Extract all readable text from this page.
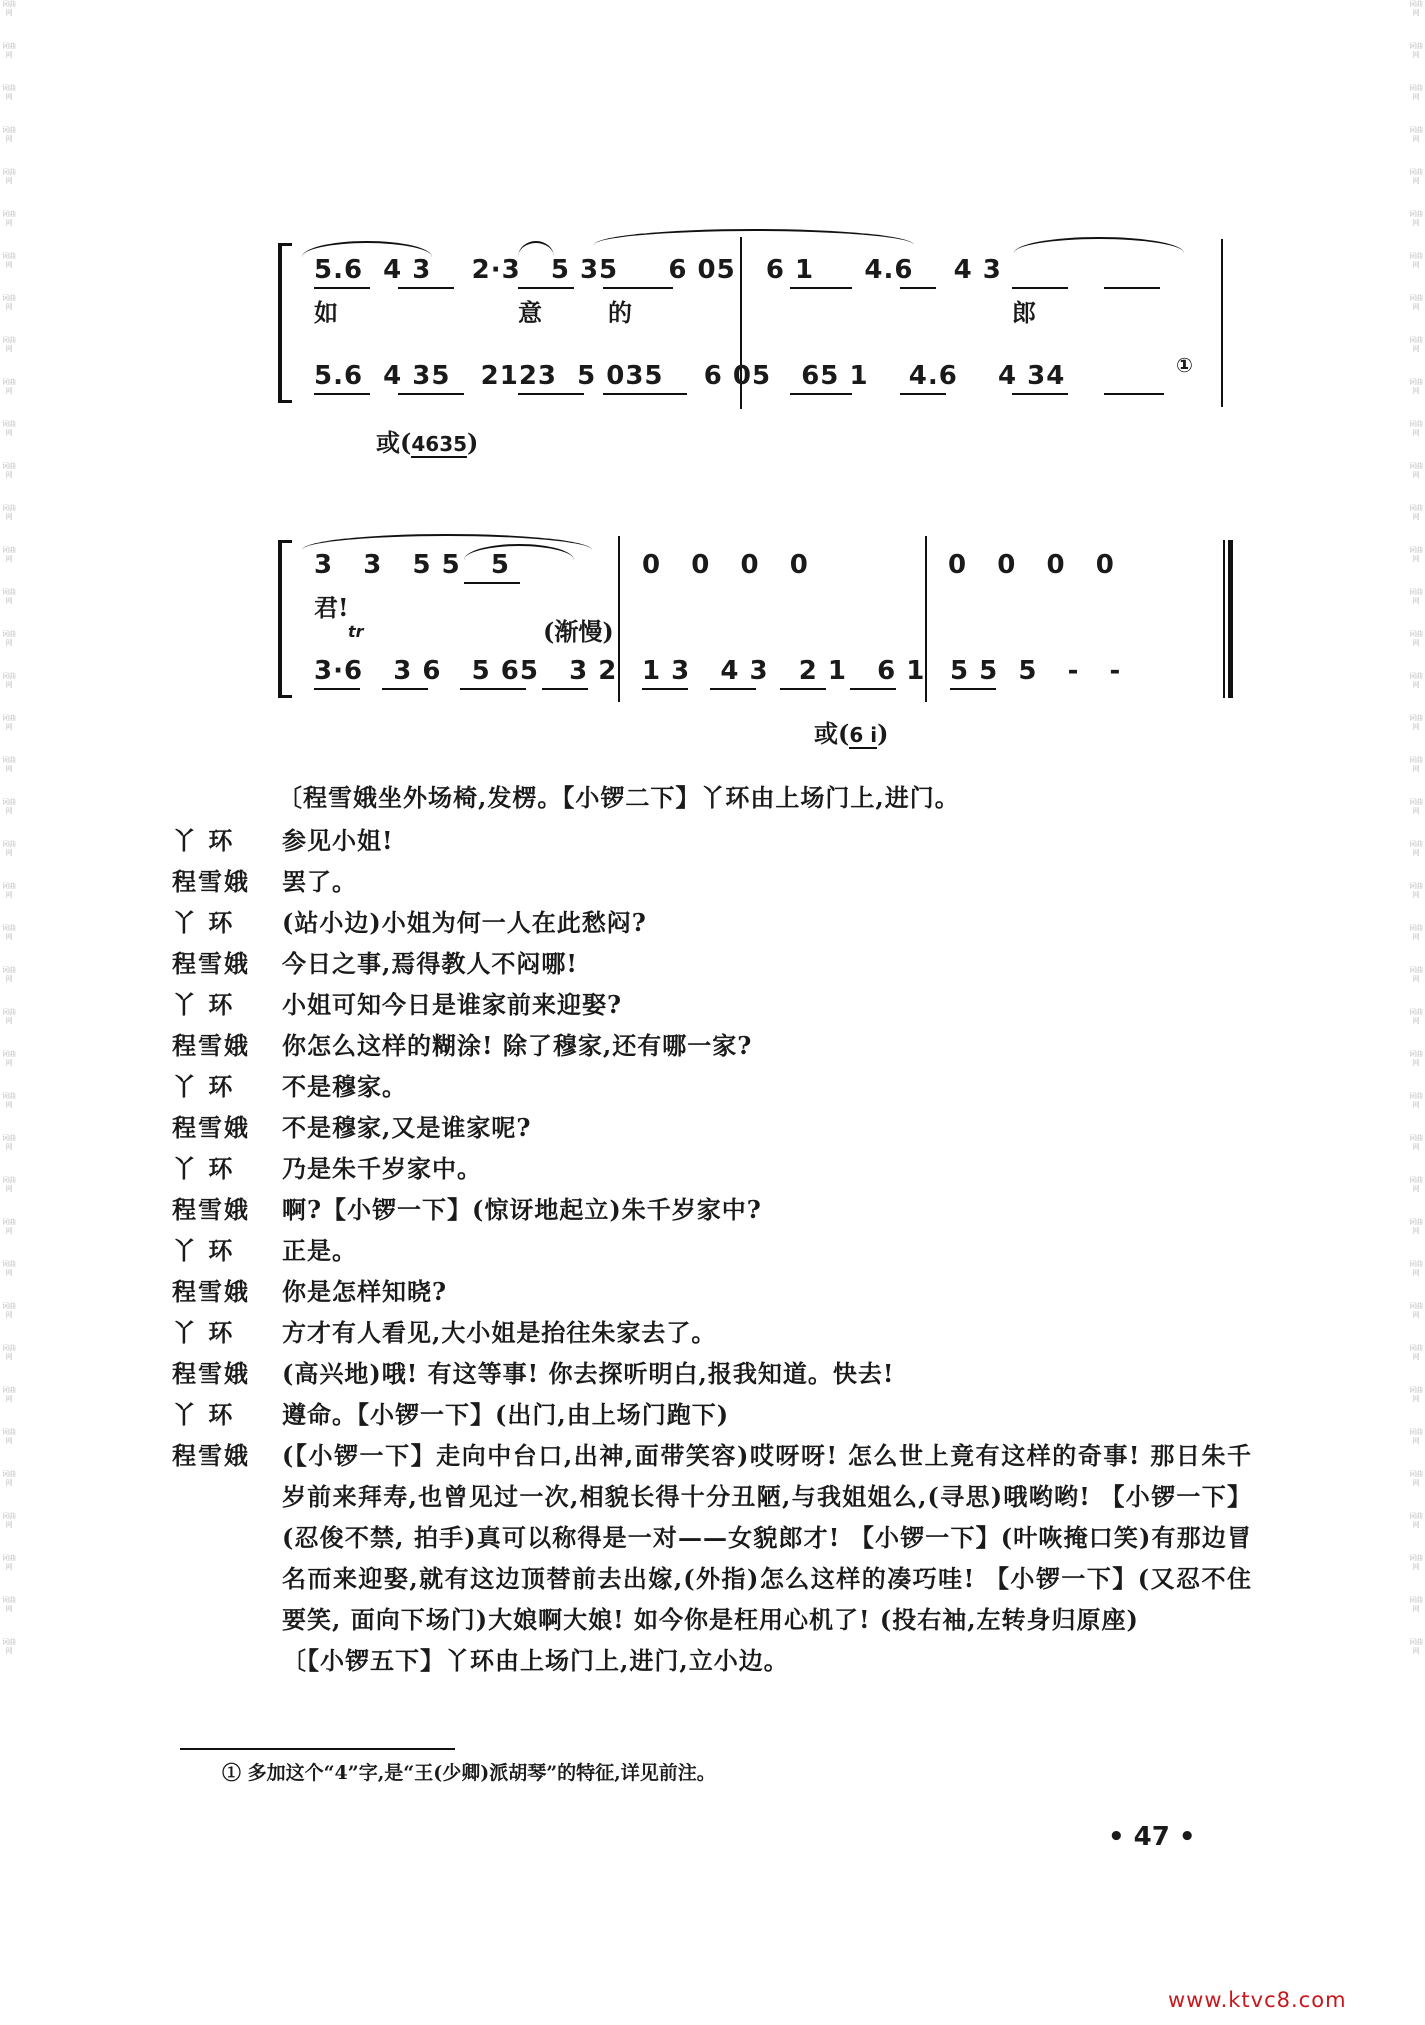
词曲网
词曲网
词曲网
词曲网
词曲网
词曲网
词曲网
词曲网
词曲网
词曲网
词曲网
词曲网
词曲网
词曲网
词曲网
词曲网
词曲网
词曲网
词曲网
词曲网
词曲网
词曲网
词曲网
词曲网
词曲网
词曲网
词曲网
词曲网
词曲网
词曲网
词曲网
词曲网
词曲网
词曲网
词曲网
词曲网
词曲网
词曲网
词曲网
词曲网
词曲网
词曲网
词曲网
词曲网
词曲网
词曲网
词曲网
词曲网
词曲网
词曲网
词曲网
词曲网
词曲网
词曲网
词曲网
词曲网
词曲网
词曲网
词曲网
词曲网
词曲网
词曲网
词曲网
词曲网
词曲网
词曲网
词曲网
词曲网
词曲网
词曲网
词曲网
词曲网
词曲网
词曲网
词曲网
词曲网
词曲网
词曲网
词曲网
词曲网
5.6  4 3    2·3   5 35     6 05   6 1     4.6    4 3
如	意	的	郎
5.6  4 35   2123  5 035    6 05   65 1    4.6    4 34	①
或(4635)
3   3   5 5   5	0   0   0   0	0   0   0   0
君!
(渐慢)
tr
3·6   3 6   5 65   3 2 1 3   4 3   2 1   6 1 5 5  5   -   -
或(6 i)
〔程雪娥坐外场椅,发楞。【小锣二下】丫环由上场门上,进门。
丫 环	参见小姐!
程雪娥	罢了。
丫 环	(站小边)小姐为何一人在此愁闷?
程雪娥	今日之事,焉得教人不闷哪!
丫 环	小姐可知今日是谁家前来迎娶?
程雪娥	你怎么这样的糊涂! 除了穆家,还有哪一家?
丫 环	不是穆家。
程雪娥	不是穆家,又是谁家呢?
丫 环	乃是朱千岁家中。
程雪娥	啊?【小锣一下】(惊讶地起立)朱千岁家中?
丫 环	正是。
程雪娥	你是怎样知晓?
丫 环	方才有人看见,大小姐是抬往朱家去了。
程雪娥	(高兴地)哦! 有这等事! 你去探听明白,报我知道。快去!
丫 环	遵命。【小锣一下】(出门,由上场门跑下)
程雪娥	(【小锣一下】走向中台口,出神,面带笑容)哎呀呀! 怎么世上竟有这样的奇事! 那日朱千岁前来拜寿,也曾见过一次,相貌长得十分丑陋,与我姐姐么,(寻思)哦哟哟! 【小锣一下】(忍俊不禁, 拍手)真可以称得是一对——女貌郎才! 【小锣一下】(叶咴掩口笑)有那边冒名而来迎娶,就有这边顶替前去出嫁,(外指)怎么这样的凑巧哇! 【小锣一下】(又忍不住要笑, 面向下场门)大娘啊大娘! 如今你是枉用心机了! (投右袖,左转身归原座)
〔【小锣五下】丫环由上场门上,进门,立小边。
① 多加这个“4”字,是“王(少卿)派胡琴”的特征,详见前注。
• 47 •
www.ktvc8.com
